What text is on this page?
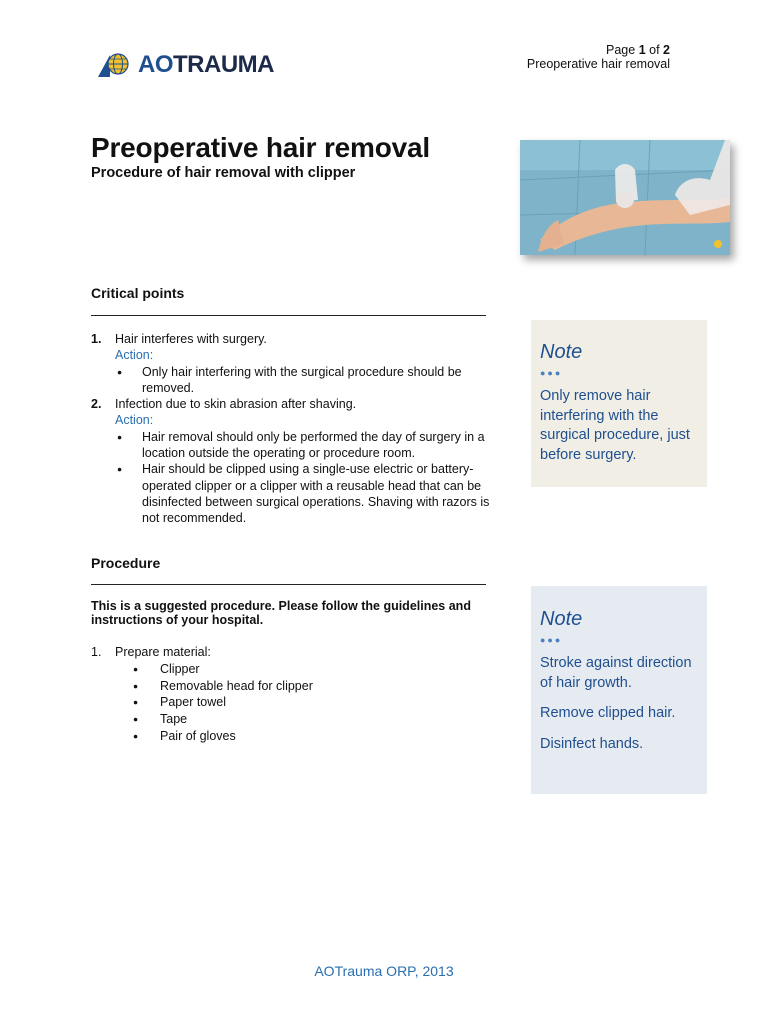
AOTRAUMA
Page 1 of 2
Preoperative hair removal
Preoperative hair removal
Procedure of hair removal with clipper
Critical points
1. Hair interferes with surgery.
Action:
● Only hair interfering with the surgical procedure should be removed.
2. Infection due to skin abrasion after shaving.
Action:
● Hair removal should only be performed the day of surgery in a location outside the operating or procedure room.
● Hair should be clipped using a single-use electric or battery-operated clipper or a clipper with a reusable head that can be disinfected between surgical operations. Shaving with razors is not recommended.
Procedure
This is a suggested procedure. Please follow the guidelines and instructions of your hospital.
1. Prepare material:
● Clipper
● Removable head for clipper
● Paper towel
● Tape
● Pair of gloves
Note
●●●
Only remove hair interfering with the surgical procedure, just before surgery.
Note
●●●

Stroke against direction of hair growth.

Remove clipped hair.

Disinfect hands.

AOTrauma ORP, 2013
